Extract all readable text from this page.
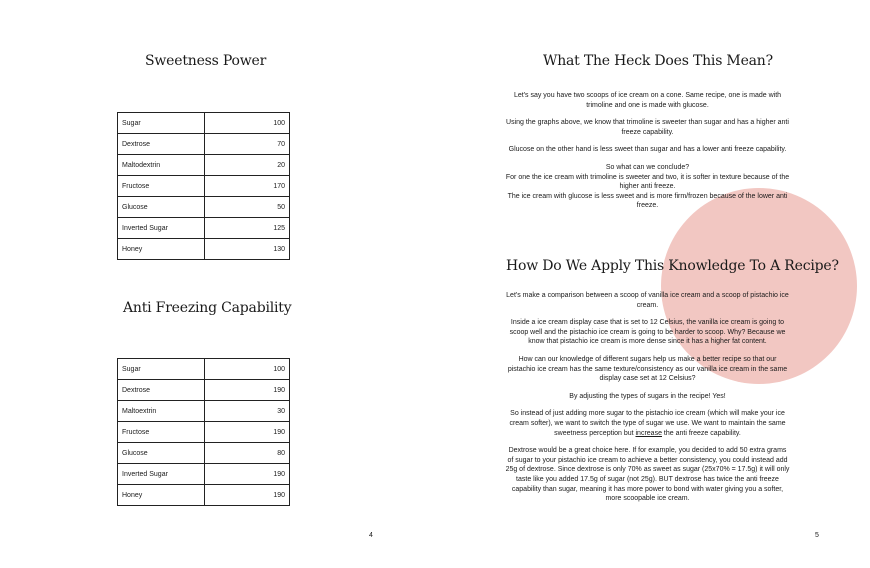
Sweetness Power
Sugar	100
Dextrose	70
Maltodextrin	20
Fructose	170
Glucose	50
Inverted Sugar	125
Honey	130
Anti Freezing Capability
Sugar	100
Dextrose	190
Maltoextrin	30
Fructose	190
Glucose	80
Inverted Sugar	190
Honey	190
4
What The Heck Does This Mean?

Let's say you have two scoops of ice cream on a cone. Same recipe, one is made with trimoline and one is made with glucose.

Using the graphs above, we know that trimoline is sweeter than sugar and has a higher anti freeze capability.

Glucose on the other hand is less sweet than sugar and has a lower anti freeze capability.

So what can we conclude?
For one the ice cream with trimoline is sweeter and two, it is softer in texture because of the higher anti freeze.
The ice cream with glucose is less sweet and is more firm/frozen because of the lower anti freeze.

How Do We Apply This Knowledge To A Recipe?

Let's make a comparison between a scoop of vanilla ice cream and a scoop of pistachio ice cream.

Inside a ice cream display case that is set to 12 Celsius, the vanilla ice cream is going to scoop well and the pistachio ice cream is going to be harder to scoop. Why? Because we know that pistachio ice cream is more dense since it has a higher fat content.

How can our knowledge of different sugars help us make a better recipe so that our pistachio ice cream has the same texture/consistency as our vanilla ice cream in the same display case set at 12 Celsius?

By adjusting the types of sugars in the recipe! Yes!

So instead of just adding more sugar to the pistachio ice cream (which will make your ice cream softer), we want to switch the type of sugar we use. We want to maintain the same sweetness perception but increase the anti freeze capability.

Dextrose would be a great choice here. If for example, you decided to add 50 extra grams of sugar to your pistachio ice cream to achieve a better consistency, you could instead add 25g of dextrose. Since dextrose is only 70% as sweet as sugar (25x70% = 17.5g) it will only taste like you added 17.5g of sugar (not 25g). BUT dextrose has twice the anti freeze capability than sugar, meaning it has more power to bond with water giving you a softer, more scoopable ice cream.

5
